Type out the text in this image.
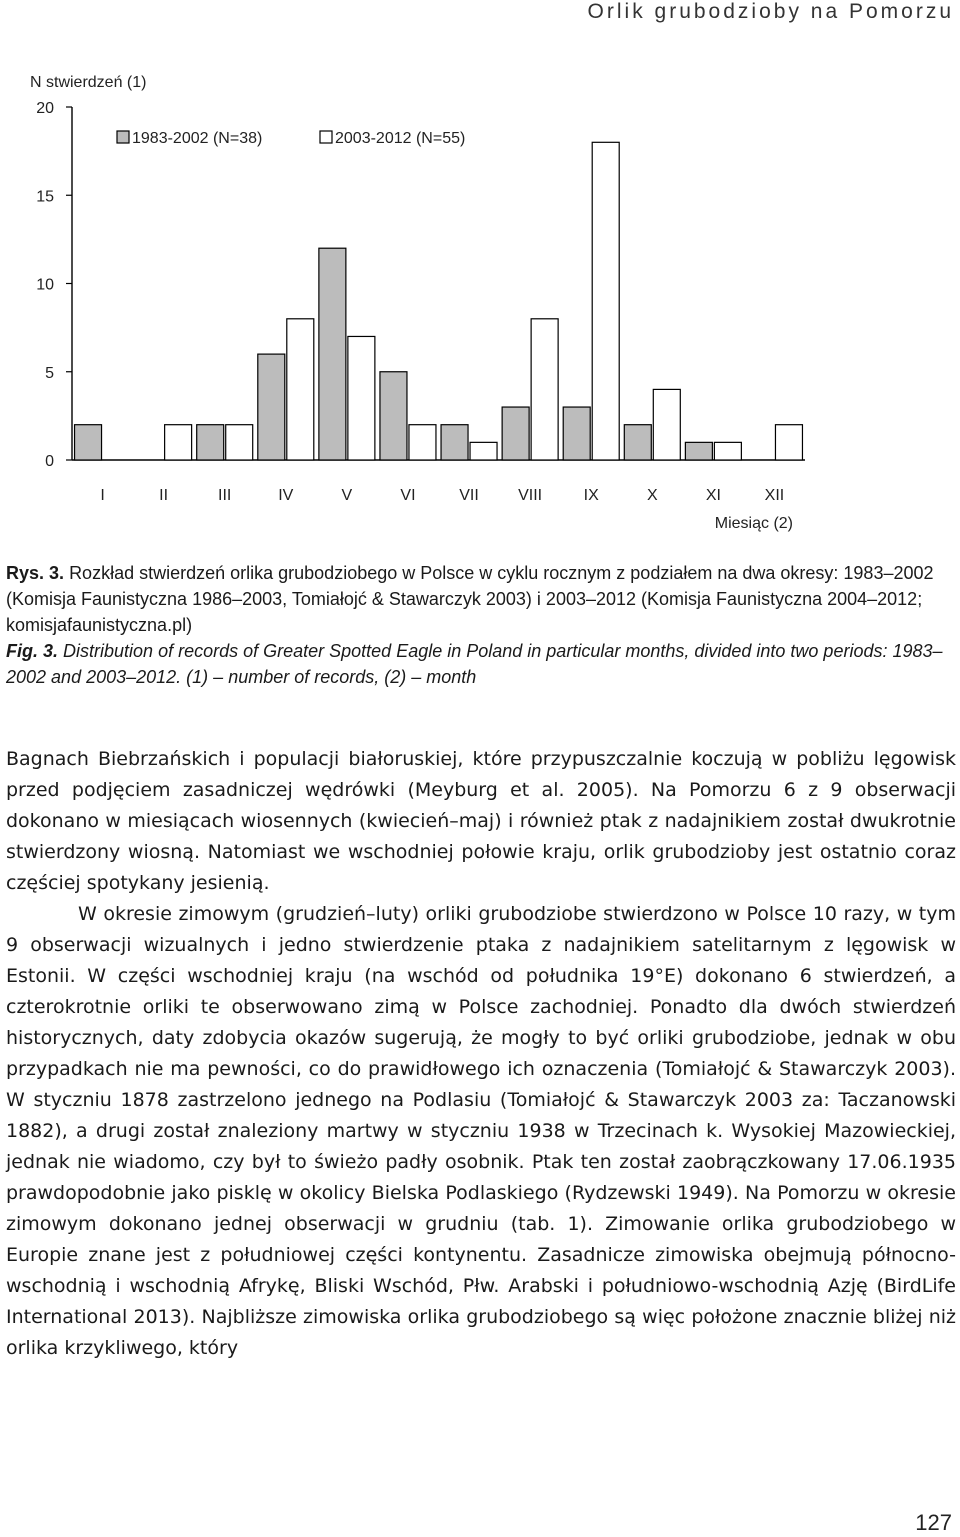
Orlik grubodzioby na Pomorzu
0
5
10
15
20
I	II	III	IV	V	VI	VII VIII	IX	X	XI	XII
1983-2002 (N=38)	2003-2012 (N=55)
N stwierdzeń (1)
Miesiąc (2)

Rys. 3. Rozkład stwierdzeń orlika grubodziobego w Polsce w cyklu rocznym z podziałem na dwa okresy: 1983–2002 (Komisja Faunistyczna 1986–2003, Tomiałojć & Stawarczyk 2003) i 2003–2012 (Komisja Faunistyczna 2004–2012; komisjafaunistyczna.pl)

Fig. 3. Distribution of records of Greater Spotted Eagle in Poland in particular months, divided into two periods: 1983–2002 and 2003–2012. (1) – number of records, (2) – month

Bagnach Biebrzańskich i populacji białoruskiej, które przypuszczalnie koczują w pobliżu lęgowisk przed podjęciem zasadniczej wędrówki (Meyburg et al. 2005). Na Pomorzu 6 z 9 obserwacji dokonano w miesiącach wiosennych (kwiecień–maj) i również ptak z nadajnikiem został dwukrotnie stwierdzony wiosną. Natomiast we wschodniej połowie kraju, orlik grubodzioby jest ostatnio coraz częściej spotykany jesienią.

W okresie zimowym (grudzień–luty) orliki grubodziobe stwierdzono w Polsce 10 razy, w tym 9 obserwacji wizualnych i jedno stwierdzenie ptaka z nadajnikiem satelitarnym z lęgowisk w Estonii. W części wschodniej kraju (na wschód od południka 19°E) dokonano 6 stwierdzeń, a czterokrotnie orliki te obserwowano zimą w Polsce zachodniej. Ponadto dla dwóch stwierdzeń historycznych, daty zdobycia okazów sugerują, że mogły to być orliki grubodziobe, jednak w obu przypadkach nie ma pewności, co do prawidłowego ich oznaczenia (Tomiałojć & Stawarczyk 2003). W styczniu 1878 zastrzelono jednego na Podlasiu (Tomiałojć & Stawarczyk 2003 za: Taczanowski 1882), a drugi został znaleziony martwy w styczniu 1938 w Trzecinach k. Wysokiej Mazowieckiej, jednak nie wiadomo, czy był to świeżo padły osobnik. Ptak ten został zaobrączkowany 17.06.1935 prawdopodobnie jako pisklę w okolicy Bielska Podlaskiego (Rydzewski 1949). Na Pomorzu w okresie zimowym dokonano jednej obserwacji w grudniu (tab. 1). Zimowanie orlika grubodziobego w Europie znane jest z południowej części kontynentu. Zasadnicze zimowiska obejmują północno-wschodnią i wschodnią Afrykę, Bliski Wschód, Płw. Arabski i południowo-wschodnią Azję (BirdLife International 2013). Najbliższe zimowiska orlika grubodziobego są więc położone znacznie bliżej niż orlika krzykliwego, który

127
